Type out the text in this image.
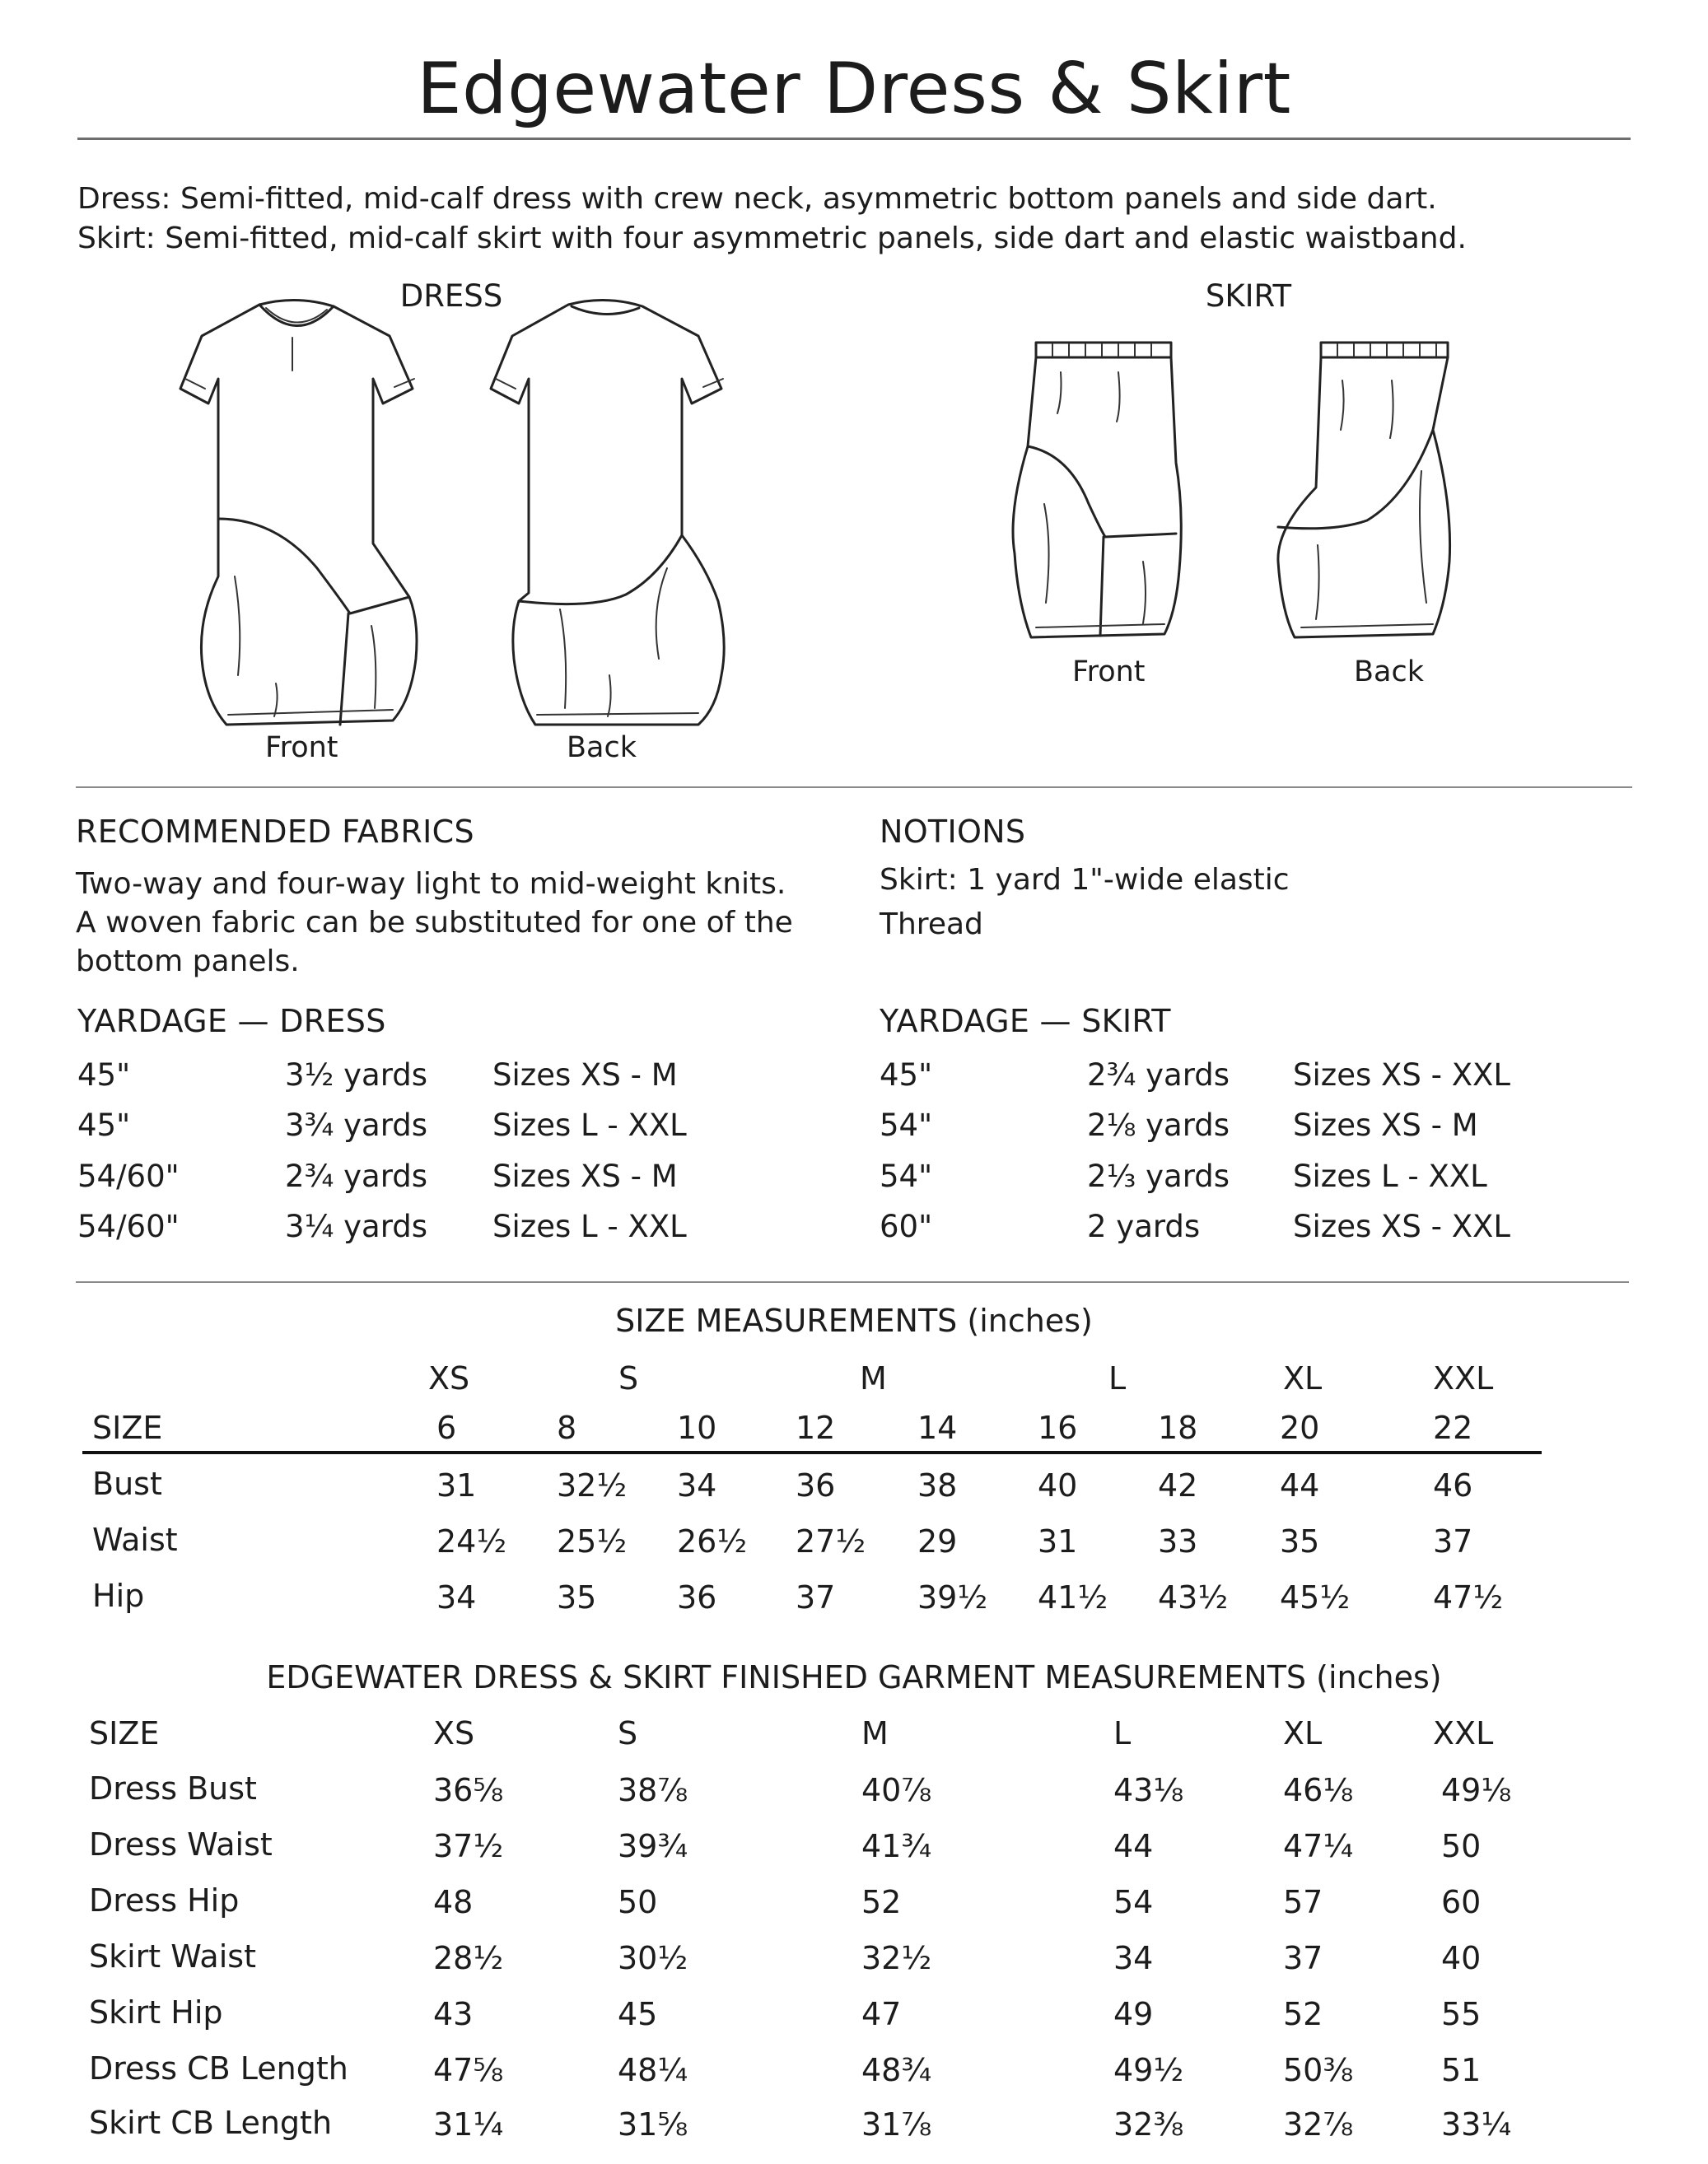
Edgewater Dress & Skirt
Dress: Semi-fitted, mid-calf dress with crew neck, asymmetric bottom panels and side dart.
Skirt: Semi-fitted, mid-calf skirt with four asymmetric panels, side dart and elastic waistband.
DRESS	SKIRT
Front	Back
Front	Back
RECOMMENDED FABRICS
Two-way and four-way light to mid-weight knits.
A woven fabric can be substituted for one of the
bottom panels.
NOTIONS
Skirt: 1 yard 1"-wide elastic
Thread
YARDAGE — DRESS
45"	3½ yards Sizes XS - M
45"	3¾ yards Sizes L - XXL
54/60"	2¾ yards Sizes XS - M
54/60"	3¼ yards Sizes L - XXL
YARDAGE — SKIRT
45"	2¾ yards Sizes XS - XXL
54"	2⅛ yards Sizes XS - M
54"	2⅓ yards Sizes L - XXL
60"	2 yards	Sizes XS - XXL
SIZE MEASUREMENTS (inches)
XS	S	M	L	XL	XXL
SIZE	6	8	10	12	14	16	18	20	22
Bust	31	32½ 34	36	38	40	42	44	46
Waist	24½ 25½ 26½ 27½ 29	31	33	35	37
Hip	34	35	36	37	39½ 41½ 43½ 45½	47½
EDGEWATER DRESS & SKIRT FINISHED GARMENT MEASUREMENTS (inches)
SIZE	XS	S	M	L	XL	XXL
Dress Bust	36⅝	38⅞	40⅞	43⅛	46⅛	49⅛
Dress Waist	37½	39¾	41¾	44	47¼	50
Dress Hip	48	50	52	54	57	60
Skirt Waist	28½	30½	32½	34	37	40
Skirt Hip	43	45	47	49	52	55
Dress CB Length	47⅝	48¼	48¾	49½	50⅜	51
Skirt CB Length	31¼	31⅝	31⅞	32⅜	32⅞	33¼
